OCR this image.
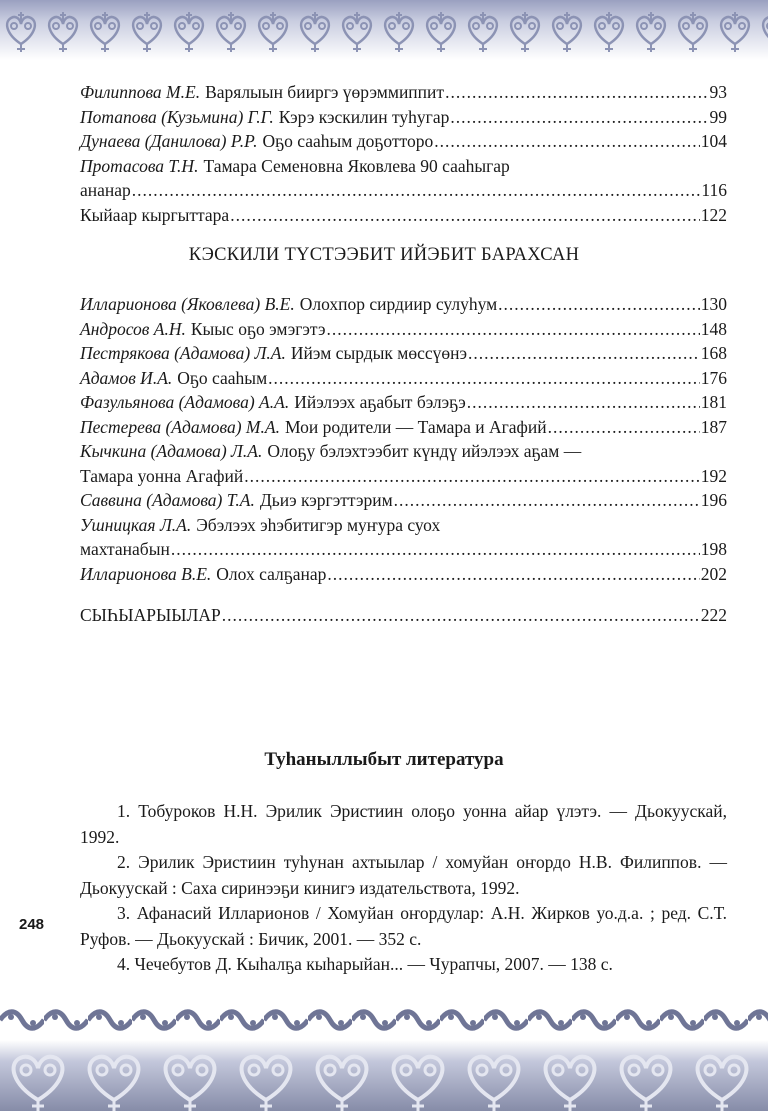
Филиппова М.Е. Варялыын бииргэ үөрэммиппит .....	93
Потапова (Кузьмина) Г.Г. Кэрэ кэскилин туһугар .....	99
Дунаева (Данилова) Р.Р. Оҕо сааһым доҕотторо .....	104
Протасова Т.Н. Тамара Семеновна Яковлева 90 сааһыгар
ананар .....	116
Кыйаар кыргыттара .....	122
КЭСКИЛИ ТҮСТЭЭБИТ ИЙЭБИТ БАРАХСАН
Илларионова (Яковлева) В.Е. Олохпор сирдиир сулуһум .....	130
Андросов А.Н. Кыыс оҕо эмэгэтэ .....	148
Пестрякова (Адамова) Л.А. Ийэм сырдык мөссүөнэ .....	168
Адамов И.А. Оҕо сааһым .....	176
Фазульянова (Адамова) А.А. Ийэлээх аҕабыт бэлэҕэ .....	181
Пестерева (Адамова) М.А. Мои родители — Тамара и Агафий .....	187
Кычкина (Адамова) Л.А. Олоҕу бэлэхтээбит күндү ийэлээх аҕам —
Тамара уонна Агафий .....	192
Саввина (Адамова) Т.А. Дьиэ кэргэттэрим .....	196
Ушницкая Л.А. Эбэлээх эһэбитигэр муҥура суох
махтанабын .....	198
Илларионова В.Е. Олох салҕанар .....	202
СЫҺЫАРЫЫЛАР .....	222
Туһаныллыбыт литература

1. Тобуроков Н.Н. Эрилик Эристиин олоҕо уонна айар үлэтэ. — Дьокуускай, 1992.

2. Эрилик Эристиин туһунан ахтыылар / хомуйан оҥордо Н.В. Филиппов. — Дьокуускай : Саха сиринээҕи кинигэ издательствота, 1992.

3. Афанасий Илларионов / Хомуйан оҥордулар: А.Н. Жирков уо.д.а. ; ред. С.Т. Руфов. — Дьокуускай : Бичик, 2001. — 352 с.

4. Чечебутов Д. Кыһалҕа кыһарыйан... — Чурапчы, 2007. — 138 с.

248
